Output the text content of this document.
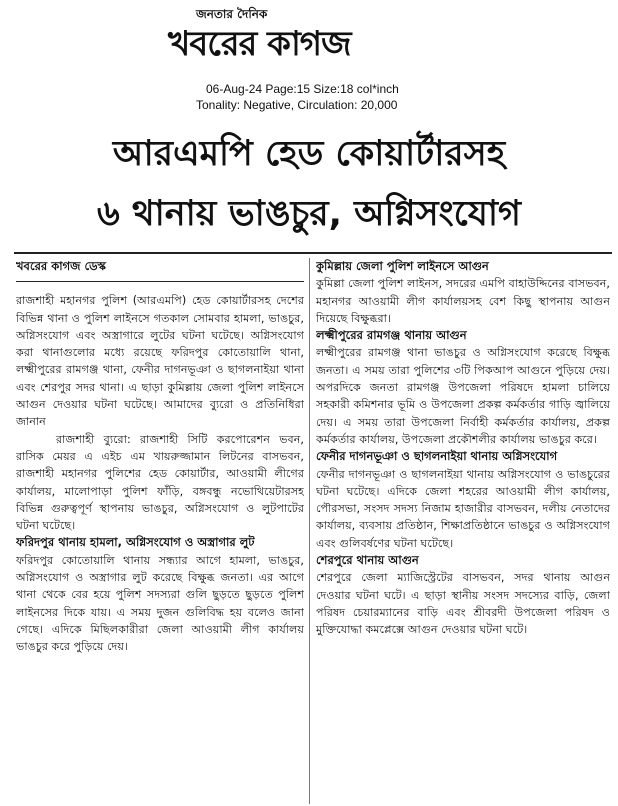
জনতার দৈনিক
খবরের কাগজ
06-Aug-24 Page:15 Size:18 col*inch
Tonality: Negative, Circulation: 20,000
আরএমপি হেড কোয়ার্টারসহ
৬ থানায় ভাঙচুর, অগ্নিসংযোগ
খবরের কাগজ ডেস্ক

রাজশাহী মহানগর পুলিশ (আরএমপি) হেড কোয়ার্টারসহ দেশের বিভিন্ন থানা ও পুলিশ লাইনসে গতকাল সোমবার হামলা, ভাঙচুর, অগ্নিসংযোগ এবং অস্ত্রাগারে লুটের ঘটনা ঘটেছে। অগ্নিসংযোগ করা থানাগুলোর মধ্যে রয়েছে ফরিদপুর কোতোয়ালি থানা, লক্ষ্মীপুরের রামগঞ্জ থানা, ফেনীর দাগনভূঞা ও ছাগলনাইয়া থানা এবং শেরপুর সদর থানা। এ ছাড়া কুমিল্লায় জেলা পুলিশ লাইনসে আগুন দেওয়ার ঘটনা ঘটেছে। আমাদের ব্যুরো ও প্রতিনিধিরা জানান

রাজশাহী ব্যুরো: রাজশাহী সিটি করপোরেশন ভবন, রাসিক মেয়র এ এইচ এম খায়রুজ্জামান লিটনের বাসভবন, রাজশাহী মহানগর পুলিশের হেড কোয়ার্টার, আওয়ামী লীগের কার্যালয়, মালোপাড়া পুলিশ ফাঁড়ি, বঙ্গবন্ধু নভোথিয়েটারসহ বিভিন্ন গুরুত্বপূর্ণ স্থাপনায় ভাঙচুর, অগ্নিসংযোগ ও লুটপাটের ঘটনা ঘটেছে।

ফরিদপুর থানায় হামলা, অগ্নিসংযোগ ও অস্ত্রাগার লুট

ফরিদপুর কোতোয়ালি থানায় সন্ধ্যার আগে হামলা, ভাঙচুর, অগ্নিসংযোগ ও অস্ত্রাগার লুট করেছে বিক্ষুব্ধ জনতা। এর আগে থানা থেকে বের হয়ে পুলিশ সদস্যরা গুলি ছুড়তে ছুড়তে পুলিশ লাইনসের দিকে যায়। এ সময় দুজন গুলিবিদ্ধ হয় বলেও জানা গেছে। এদিকে মিছিলকারীরা জেলা আওয়ামী লীগ কার্যালয় ভাঙচুর করে পুড়িয়ে দেয়।

কুমিল্লায় জেলা পুলিশ লাইনসে আগুন

কুমিল্লা জেলা পুলিশ লাইনস, সদরের এমপি বাহাউদ্দিনের বাসভবন, মহানগর আওয়ামী লীগ কার্যালয়সহ বেশ কিছু স্থাপনায় আগুন দিয়েছে বিক্ষুব্ধরা।

লক্ষ্মীপুরের রামগঞ্জ থানায় আগুন

লক্ষ্মীপুরের রামগঞ্জ থানা ভাঙচুর ও অগ্নিসংযোগ করেছে বিক্ষুব্ধ জনতা। এ সময় তারা পুলিশের ৩টি পিকআপ আগুনে পুড়িয়ে দেয়। অপরদিকে জনতা রামগঞ্জ উপজেলা পরিষদে হামলা চালিয়ে সহকারী কমিশনার ভূমি ও উপজেলা প্রকল্প কর্মকর্তার গাড়ি জ্বালিয়ে দেয়। এ সময় তারা উপজেলা নির্বাহী কর্মকর্তার কার্যালয়, প্রকল্প কর্মকর্তার কার্যালয়, উপজেলা প্রকৌশলীর কার্যালয় ভাঙচুর করে।

ফেনীর দাগনভূঞা ও ছাগলনাইয়া থানায় অগ্নিসংযোগ

ফেনীর দাগনভূঞা ও ছাগলনাইয়া থানায় অগ্নিসংযোগ ও ভাঙচুরের ঘটনা ঘটেছে। এদিকে জেলা শহরের আওয়ামী লীগ কার্যালয়, পৌরসভা, সংসদ সদস্য নিজাম হাজারীর বাসভবন, দলীয় নেতাদের কার্যালয়, ব্যবসায় প্রতিষ্ঠান, শিক্ষাপ্রতিষ্ঠানে ভাঙচুর ও অগ্নিসংযোগ এবং গুলিবর্ষণের ঘটনা ঘটেছে।

শেরপুরে থানায় আগুন

শেরপুরে জেলা ম্যাজিস্ট্রেটের বাসভবন, সদর থানায় আগুন দেওয়ার ঘটনা ঘটে। এ ছাড়া স্থানীয় সংসদ সদস্যের বাড়ি, জেলা পরিষদ চেয়ারম্যানের বাড়ি এবং শ্রীবরদী উপজেলা পরিষদ ও মুক্তিযোদ্ধা কমপ্লেক্সে আগুন দেওয়ার ঘটনা ঘটে।
